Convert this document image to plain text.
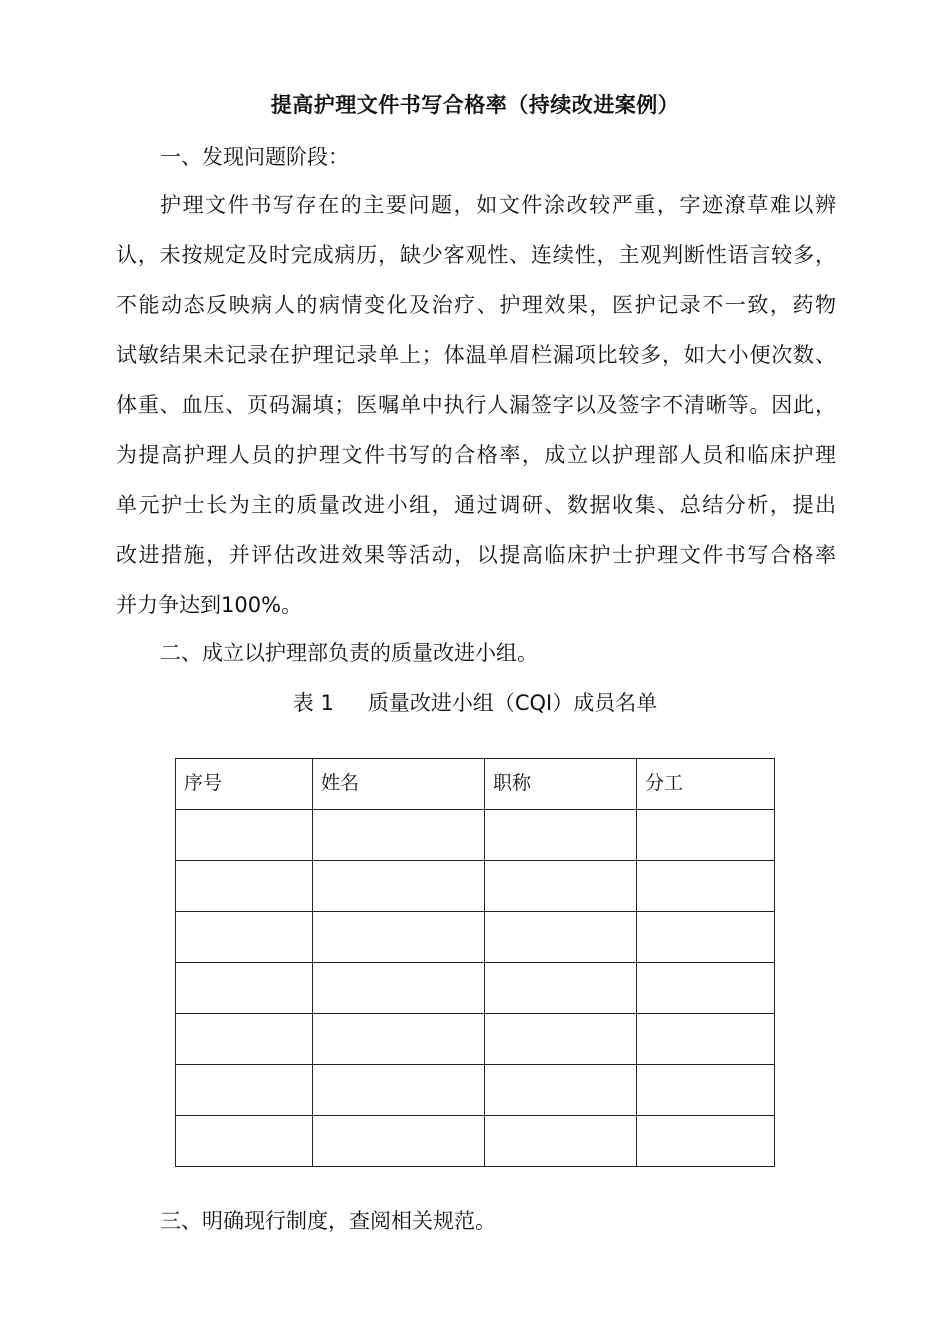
提高护理文件书写合格率（持续改进案例）
一、发现问题阶段：
护理文件书写存在的主要问题，如文件涂改较严重，字迹潦草难以辨
认，未按规定及时完成病历，缺少客观性、连续性，主观判断性语言较多，
不能动态反映病人的病情变化及治疗、护理效果，医护记录不一致，药物
试敏结果未记录在护理记录单上；体温单眉栏漏项比较多，如大小便次数、
体重、血压、页码漏填；医嘱单中执行人漏签字以及签字不清晰等。因此，
为提高护理人员的护理文件书写的合格率，成立以护理部人员和临床护理
单元护士长为主的质量改进小组，通过调研、数据收集、总结分析，提出
改进措施，并评估改进效果等活动，以提高临床护士护理文件书写合格率
并力争达到100%。
二、成立以护理部负责的质量改进小组。
表 1 质量改进小组（CQI）成员名单
序号	姓名	职称	分工

三、明确现行制度，查阅相关规范。
